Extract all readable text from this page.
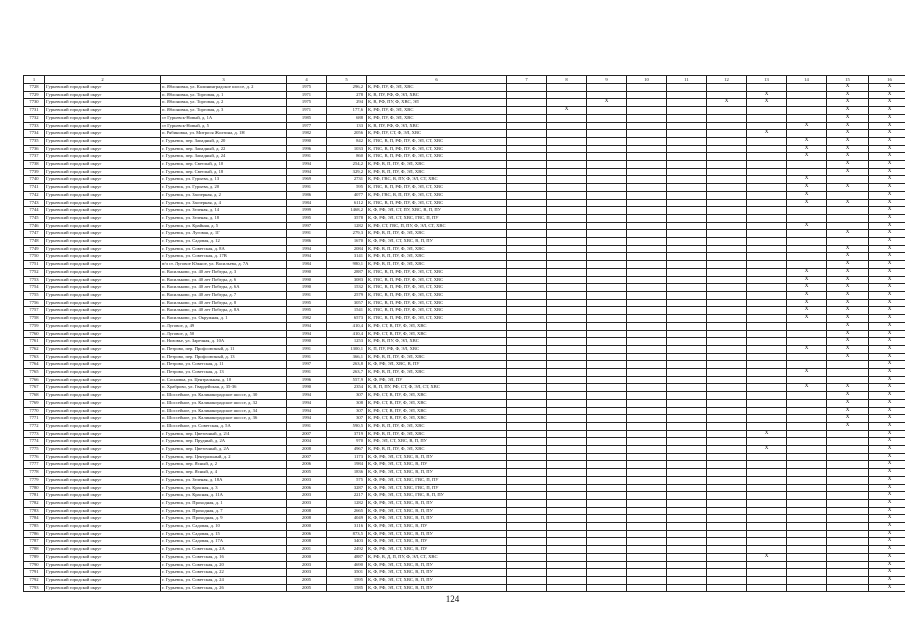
1	2	3	4	5	6	7	8	9	10	11	12	13	14	15	16
7728	Гурьевский городской округ	п. Яблоновка, ул. Калининградское шоссе, д. 2	1975	296,2	К, РФ, ПУ, Ф, ЭЛ, ХВС									X	X
7729	Гурьевский городской округ	п. Яблоновка, ул. Торговая, д. 1	1971	278	К, В, ПУ, РФ, Ф, ЭЛ, ХВС							X		X	X
7730	Гурьевский городской округ	п. Яблоновка, ул. Торговая, д. 2	1975	294	К, В, РФ, ПУ, Ф, ХВС, ЭЛ			X			X	X		X	X
7731	Гурьевский городской округ	п. Яблоновка, ул. Торговая, д. 3	1971	177,6	К, РФ, ПУ, Ф, ЭЛ, ХВС		X							X	X
7732	Гурьевский городской округ	ст Гурьевск-Новый, д. 1А	1985	688	К, РФ, ПУ, Ф, ЭЛ, ХВС									X	X
7733	Гурьевский городской округ	ст Гурьевск-Новый, д. 5	1977	133	К, В, ПУ, РФ, Ф, ЭЛ, ХВС								X	X	X
7734	Гурьевский городской округ	п. Рябиновка, ул. Митрося Жолтина, д. 1Н	1982	2056	К, РФ, ПУ, СТ, Ф, ЭЛ, ХВС							X		X	X
7735	Гурьевский городской округ	г. Гурьевск, пер. Западный, д. 20	1990	842	К, ГВС, В, П, РФ, ПУ, Ф, ЭЛ, СТ, ХВС								X	X	X
7736	Гурьевский городской округ	г. Гурьевск, пер. Западный, д. 22	1996	1033	К, ГВС, В, П, РФ, ПУ, Ф, ЭЛ, СТ, ХВС								X	X	X
7737	Гурьевский городской округ	г. Гурьевск, пер. Западный, д. 24	1991	860	К, ГВС, В, П, РФ, ПУ, Ф, ЭЛ, СТ, ХВС								X	X	X
7738	Гурьевский городской округ	г. Гурьевск, пер. Светлый, д. 10	1994	254,2	К, РФ, В, П, ПУ, Ф, ЭЛ, ХВС									X	X
7739	Гурьевский городской округ	г. Гурьевск, пер. Светлый, д. 18	1994	329,2	К, РФ, В, П, ПУ, Ф, ЭЛ, ХВС									X	X
7740	Гурьевский городской округ	г. Гурьевск, ул. Гурьева, д. 13	1969	2731	К, РФ, ГВС, В, ПУ, Ф, ЭЛ, СТ, ХВС								X		X
7741	Гурьевский городской округ	г. Гурьевск, ул. Гурьева, д. 20	1991	595	К, ГВС, В, П, РФ, ПУ, Ф, ЭЛ, СТ, ХВС								X	X	X
7742	Гурьевский городской округ	г. Гурьевск, ул. Заозерная, д. 2	1986	4077	К, РФ, ГВС, В, П, ПУ, Ф, ЭЛ, СТ, ХВС								X		X
7743	Гурьевский городской округ	г. Гурьевск, ул. Заозерная, д. 4	1984	6112	К, ГВС, В, П, РФ, ПУ, Ф, ЭЛ, СТ, ХВС								X	X	X
7744	Гурьевский городской округ	г. Гурьевск, ул. Зеленая, д. 14	1999	1468,2	К, Ф, РФ, ЭЛ, СТ, ПУ, ХВС, В, П, ПУ										X
7745	Гурьевский городской округ	г. Гурьевск, ул. Зеленая, д. 18	1995	3578	К, Ф, РФ, ЭЛ, СТ, ХВС, ГВС, П, ПУ										X
7746	Гурьевский городской округ	г. Гурьевск, ул. Крайняя, д. 5	1997	1282	К, РФ, СТ, ГВС, П, ПУ, Ф, ЭЛ, СТ, ХВС								X		X
7747	Гурьевский городской округ	г. Гурьевск, ул. Луговая, д. 1Г	1991	279,3	К, РФ, В, П, ПУ, Ф, ЭЛ, ХВС									X	X
7748	Гурьевский городской округ	г. Гурьевск, ул. Садовая, д. 12	1986	1670	К, Ф, РФ, ЭЛ, СТ, ХВС, В, П, ПУ										X
7749	Гурьевский городской округ	г. Гурьевск, ул. Советская, д. 8А	1994	2084	К, РФ, В, П, ПУ, Ф, ЭЛ, ХВС									X	X
7750	Гурьевский городской округ	г. Гурьевск, ул. Советская, д. 17В	1994	3141	К, РФ, В, П, ПУ, Ф, ЭЛ, ХВС									X	X
7751	Гурьевский городской округ	в/ч ст. Луговое Южное, ул. Васильева, д. 7А	1984	980,1	К, РФ, В, П, ПУ, Ф, ЭЛ, ХВС									X	X
7752	Гурьевский городской округ	п. Васильково, ул. 40 лет Победы, д. 3	1990	2887	К, ГВС, В, П, РФ, ПУ, Ф, ЭЛ, СТ, ХВС								X	X	X
7753	Гурьевский городской округ	п. Васильково, ул. 40 лет Победы, д. 6	1990	3083	К, ГВС, В, П, РФ, ПУ, Ф, ЭЛ, СТ, ХВС								X	X	X
7754	Гурьевский городской округ	п. Васильково, ул. 40 лет Победы, д. 6А	1990	1532	К, ГВС, В, П, РФ, ПУ, Ф, ЭЛ, СТ, ХВС								X	X	X
7755	Гурьевский городской округ	п. Васильково, ул. 40 лет Победы, д. 7	1991	2579	К, ГВС, В, П, РФ, ПУ, Ф, ЭЛ, СТ, ХВС								X	X	X
7756	Гурьевский городской округ	п. Васильково, ул. 40 лет Победы, д. 8	1995	3057	К, ГВС, В, П, РФ, ПУ, Ф, ЭЛ, СТ, ХВС								X	X	X
7757	Гурьевский городской округ	п. Васильково, ул. 40 лет Победы, д. 8А	1995	1541	К, ГВС, В, П, РФ, ПУ, Ф, ЭЛ, СТ, ХВС								X	X	X
7758	Гурьевский городской округ	п. Васильково, ул. Окружная, д. 1	1982	6573	К, ГВС, В, П, РФ, ПУ, Ф, ЭЛ, СТ, ХВС								X	X	X
7759	Гурьевский городской округ	п. Луговое, д. 49	1994	410,4	К, РФ, СТ, В, ПУ, Ф, ЭЛ, ХВС									X	X
7760	Гурьевский городской округ	п. Луговое, д. 50	1994	410,4	К, РФ, СТ, В, ПУ, Ф, ЭЛ, ХВС									X	X
7761	Гурьевский городской округ	п. Низовье, ул. Заречная, д. 10А	1990	1253	К, РФ, В, ПУ, Ф, ЭЛ, ХВС									X	X
7762	Гурьевский городской округ	п. Петрово, пер. Профсоюзный, д. 11	1991	1300,1	К, П, ПУ, РФ, Ф, ЭЛ, ХВС								X	X	X
7763	Гурьевский городской округ	п. Петрово, пер. Профсоюзный, д. 13	1991	366,1	К, РФ, В, П, ПУ, Ф, ЭЛ, ХВС									X	X
7764	Гурьевский городской округ	п. Петрово, ул. Советская, д. 11	1997	263,8	К, Ф, РФ, ЭЛ, ХВС, В, ПУ										X
7765	Гурьевский городской округ	п. Петрово, ул. Советская, д. 13	1991	263,7	К, РФ, В, П, ПУ, Ф, ЭЛ, ХВС								X		X
7766	Гурьевский городской округ	п. Сосновка, ул. Центральная, д. 10	1996	557,9	К, Ф, РФ, ЭЛ, ПУ										X
7767	Гурьевский городской округ	п. Храброво, ул. Гвардейская, д. 35-36	1990	2354	К, В, П, ПУ, РФ, СТ, Ф, ЭЛ, СТ, ХВС								X	X	X
7768	Гурьевский городской округ	п. Шоссейное, ул. Калининградское шоссе, д. 30	1994	307	К, РФ, СТ, В, ПУ, Ф, ЭЛ, ХВС									X	X
7769	Гурьевский городской округ	п. Шоссейное, ул. Калининградское шоссе, д. 32	1994	308	К, РФ, СТ, В, ПУ, Ф, ЭЛ, ХВС									X	X
7770	Гурьевский городской округ	п. Шоссейное, ул. Калининградское шоссе, д. 34	1994	307	К, РФ, СТ, В, ПУ, Ф, ЭЛ, ХВС									X	X
7771	Гурьевский городской округ	п. Шоссейное, ул. Калининградское шоссе, д. 36	1994	307	К, РФ, СТ, В, ПУ, Ф, ЭЛ, ХВС									X	X
7772	Гурьевский городской округ	п. Шоссейное, ул. Советская, д. 5А	1991	590,5	К, РФ, В, П, ПУ, Ф, ЭЛ, ХВС									X	X
7773	Гурьевский городской округ	г. Гурьевск, пер. Цветочный, д. 2/4	2007	3719	К, РФ, В, П, ПУ, Ф, ЭЛ, ХВС							X			X
7774	Гурьевский городской округ	г. Гурьевск, пер. Прудный, д. 2А	2004	970	К, РФ, ЭЛ, СТ, ХВС, В, П, ПУ										X
7775	Гурьевский городской округ	г. Гурьевск, пер. Цветочный, д. 2А	2008	4967	К, РФ, В, П, ПУ, Ф, ЭЛ, ХВС							X			X
7776	Гурьевский городской округ	г. Гурьевск, пер. Центральный, д. 2	2007	1173	К, Ф, РФ, ЭЛ, СТ, ХВС, В, П, ПУ										X
7777	Гурьевский городской округ	г. Гурьевск, пер. Ясный, д. 2	2006	1984	К, Ф, РФ, ЭЛ, СТ, ХВС, В, ПУ										X
7778	Гурьевский городской округ	г. Гурьевск, пер. Ясный, д. 4	2005	1836	К, Ф, РФ, ЭЛ, СТ, ХВС, В, П, ПУ										X
7779	Гурьевский городской округ	г. Гурьевск, ул. Зеленая, д. 18А	2003	575	К, Ф, РФ, ЭЛ, СТ, ХВС, ГВС, П, ПУ										X
7780	Гурьевский городской округ	г. Гурьевск, ул. Красная, д. 3	2006	3287	К, Ф, РФ, ЭЛ, СТ, ХВС, ГВС, П, ПУ										X
7781	Гурьевский городской округ	г. Гурьевск, ул. Красная, д. 11А	2003	2217	К, Ф, РФ, ЭЛ, СТ, ХВС, ГВС, В, П, ПУ										X
7782	Гурьевский городской округ	г. Гурьевск, ул. Проходная, д. 1	2003	1282	К, Ф, РФ, ЭЛ, СТ, ХВС, В, П, ПУ										X
7783	Гурьевский городской округ	г. Гурьевск, ул. Проходная, д. 7	2008	2665	К, Ф, РФ, ЭЛ, СТ, ХВС, В, П, ПУ										X
7784	Гурьевский городской округ	г. Гурьевск, ул. Проходная, д. 9	2008	4049	К, Ф, РФ, ЭЛ, СТ, ХВС, В, П, ПУ										X
7785	Гурьевский городской округ	г. Гурьевск, ул. Садовая, д. 10	2000	3116	К, Ф, РФ, ЭЛ, СТ, ХВС, В, ПУ										X
7786	Гурьевский городской округ	г. Гурьевск, ул. Садовая, д. 15	2006	873,5	К, Ф, РФ, ЭЛ, СТ, ХВС, В, П, ПУ										X
7787	Гурьевский городской округ	г. Гурьевск, ул. Садовая, д. 17А	2008	3403	К, Ф, РФ, ЭЛ, СТ, ХВС, В, ПУ										X
7788	Гурьевский городской округ	г. Гурьевск, ул. Советская, д. 2А	2001	2492	К, Ф, РФ, ЭЛ, СТ, ХВС, В, ПУ										X
7789	Гурьевский городской округ	г. Гурьевск, ул. Советская, д. 16	2000	4887	К, РФ, В, Д, П, ПУ, Ф, ЭЛ, СТ, ХВС							X			X
7790	Гурьевский городской округ	г. Гурьевск, ул. Советская, д. 20	2003	4690	К, Ф, РФ, ЭЛ, СТ, ХВС, В, П, ПУ										X
7791	Гурьевский городской округ	г. Гурьевск, ул. Советская, д. 22	2003	3501	К, Ф, РФ, ЭЛ, СТ, ХВС, В, П, ПУ										X
7792	Гурьевский городской округ	г. Гурьевск, ул. Советская, д. 24	2005	1595	К, Ф, РФ, ЭЛ, СТ, ХВС, В, П, ПУ										X
7793	Гурьевский городской округ	г. Гурьевск, ул. Советская, д. 26	2005	1585	К, Ф, РФ, ЭЛ, СТ, ХВС, В, П, ПУ										X
124
